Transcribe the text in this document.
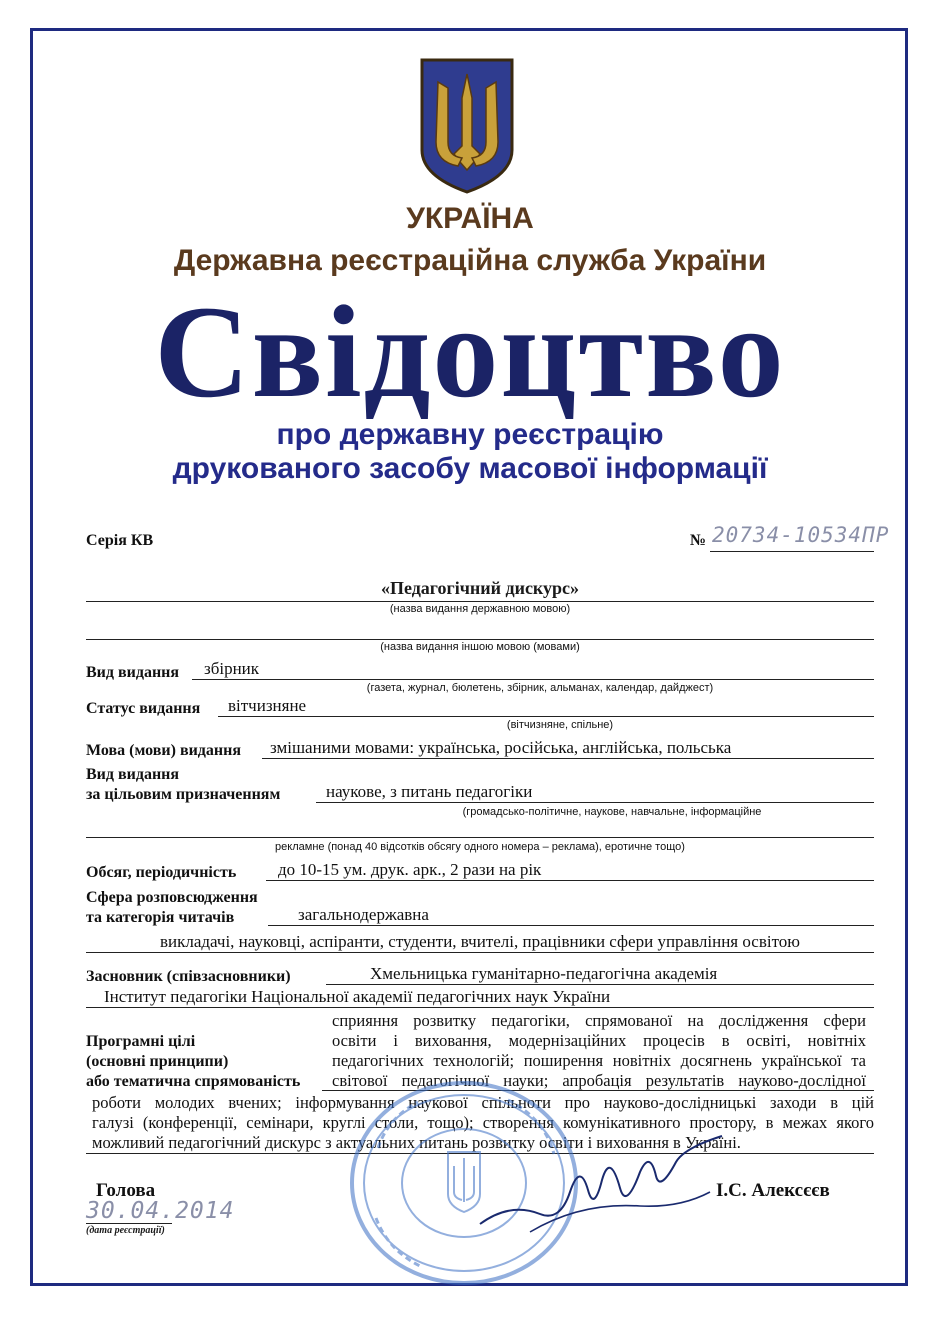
УКРАЇНА
Державна реєстраційна служба України
Свідоцтво
про державну реєстрацію
друкованого засобу масової інформації
Серія КВ	№ 20734-10534ПР
«Педагогічний дискурс»
(назва видання державною мовою)
(назва видання іншою мовою (мовами)
Вид видання збірник
(газета, журнал, бюлетень, збірник, альманах, календар, дайджест)
Статус видання вітчизняне
(вітчизняне, спільне)
Мова (мови) видання змішаними мовами: українська, російська, англійська, польська
Вид видання
за цільовим призначенням	наукове, з питань педагогіки
(громадсько-політичне, наукове, навчальне, інформаційне
рекламне (понад 40 відсотків обсягу одного номера – реклама), еротичне тощо)
Обсяг, періодичність до 10-15 ум. друк. арк., 2 рази на рік
Сфера розповсюдження
та категорія читачів	загальнодержавна
викладачі, науковці, аспіранти, студенти, вчителі, працівники сфери управління освітою
Засновник (співзасновники)	Хмельницька гуманітарно-педагогічна академія
Інститут педагогіки Національної академії педагогічних наук України
Програмні цілі
(основні принципи)
або тематична спрямованість
сприяння розвитку педагогіки, спрямованої на дослідження сфери
освіти і виховання, модернізаційних процесів в освіті, новітніх
педагогічних технологій; поширення новітніх досягнень української та
світової педагогічної науки; апробація результатів науково-дослідної
роботи молодих вчених; інформування наукової спільноти про науково-дослідницькі заходи в цій
галузі (конференції, семінари, круглі столи, тощо); створення комунікативного простору, в межах якого
можливий педагогічний дискурс з актуальних питань розвитку освіти і виховання в Україні.
Голова
30.04.2014
(дата реєстрації)
І.С. Алексєєв
